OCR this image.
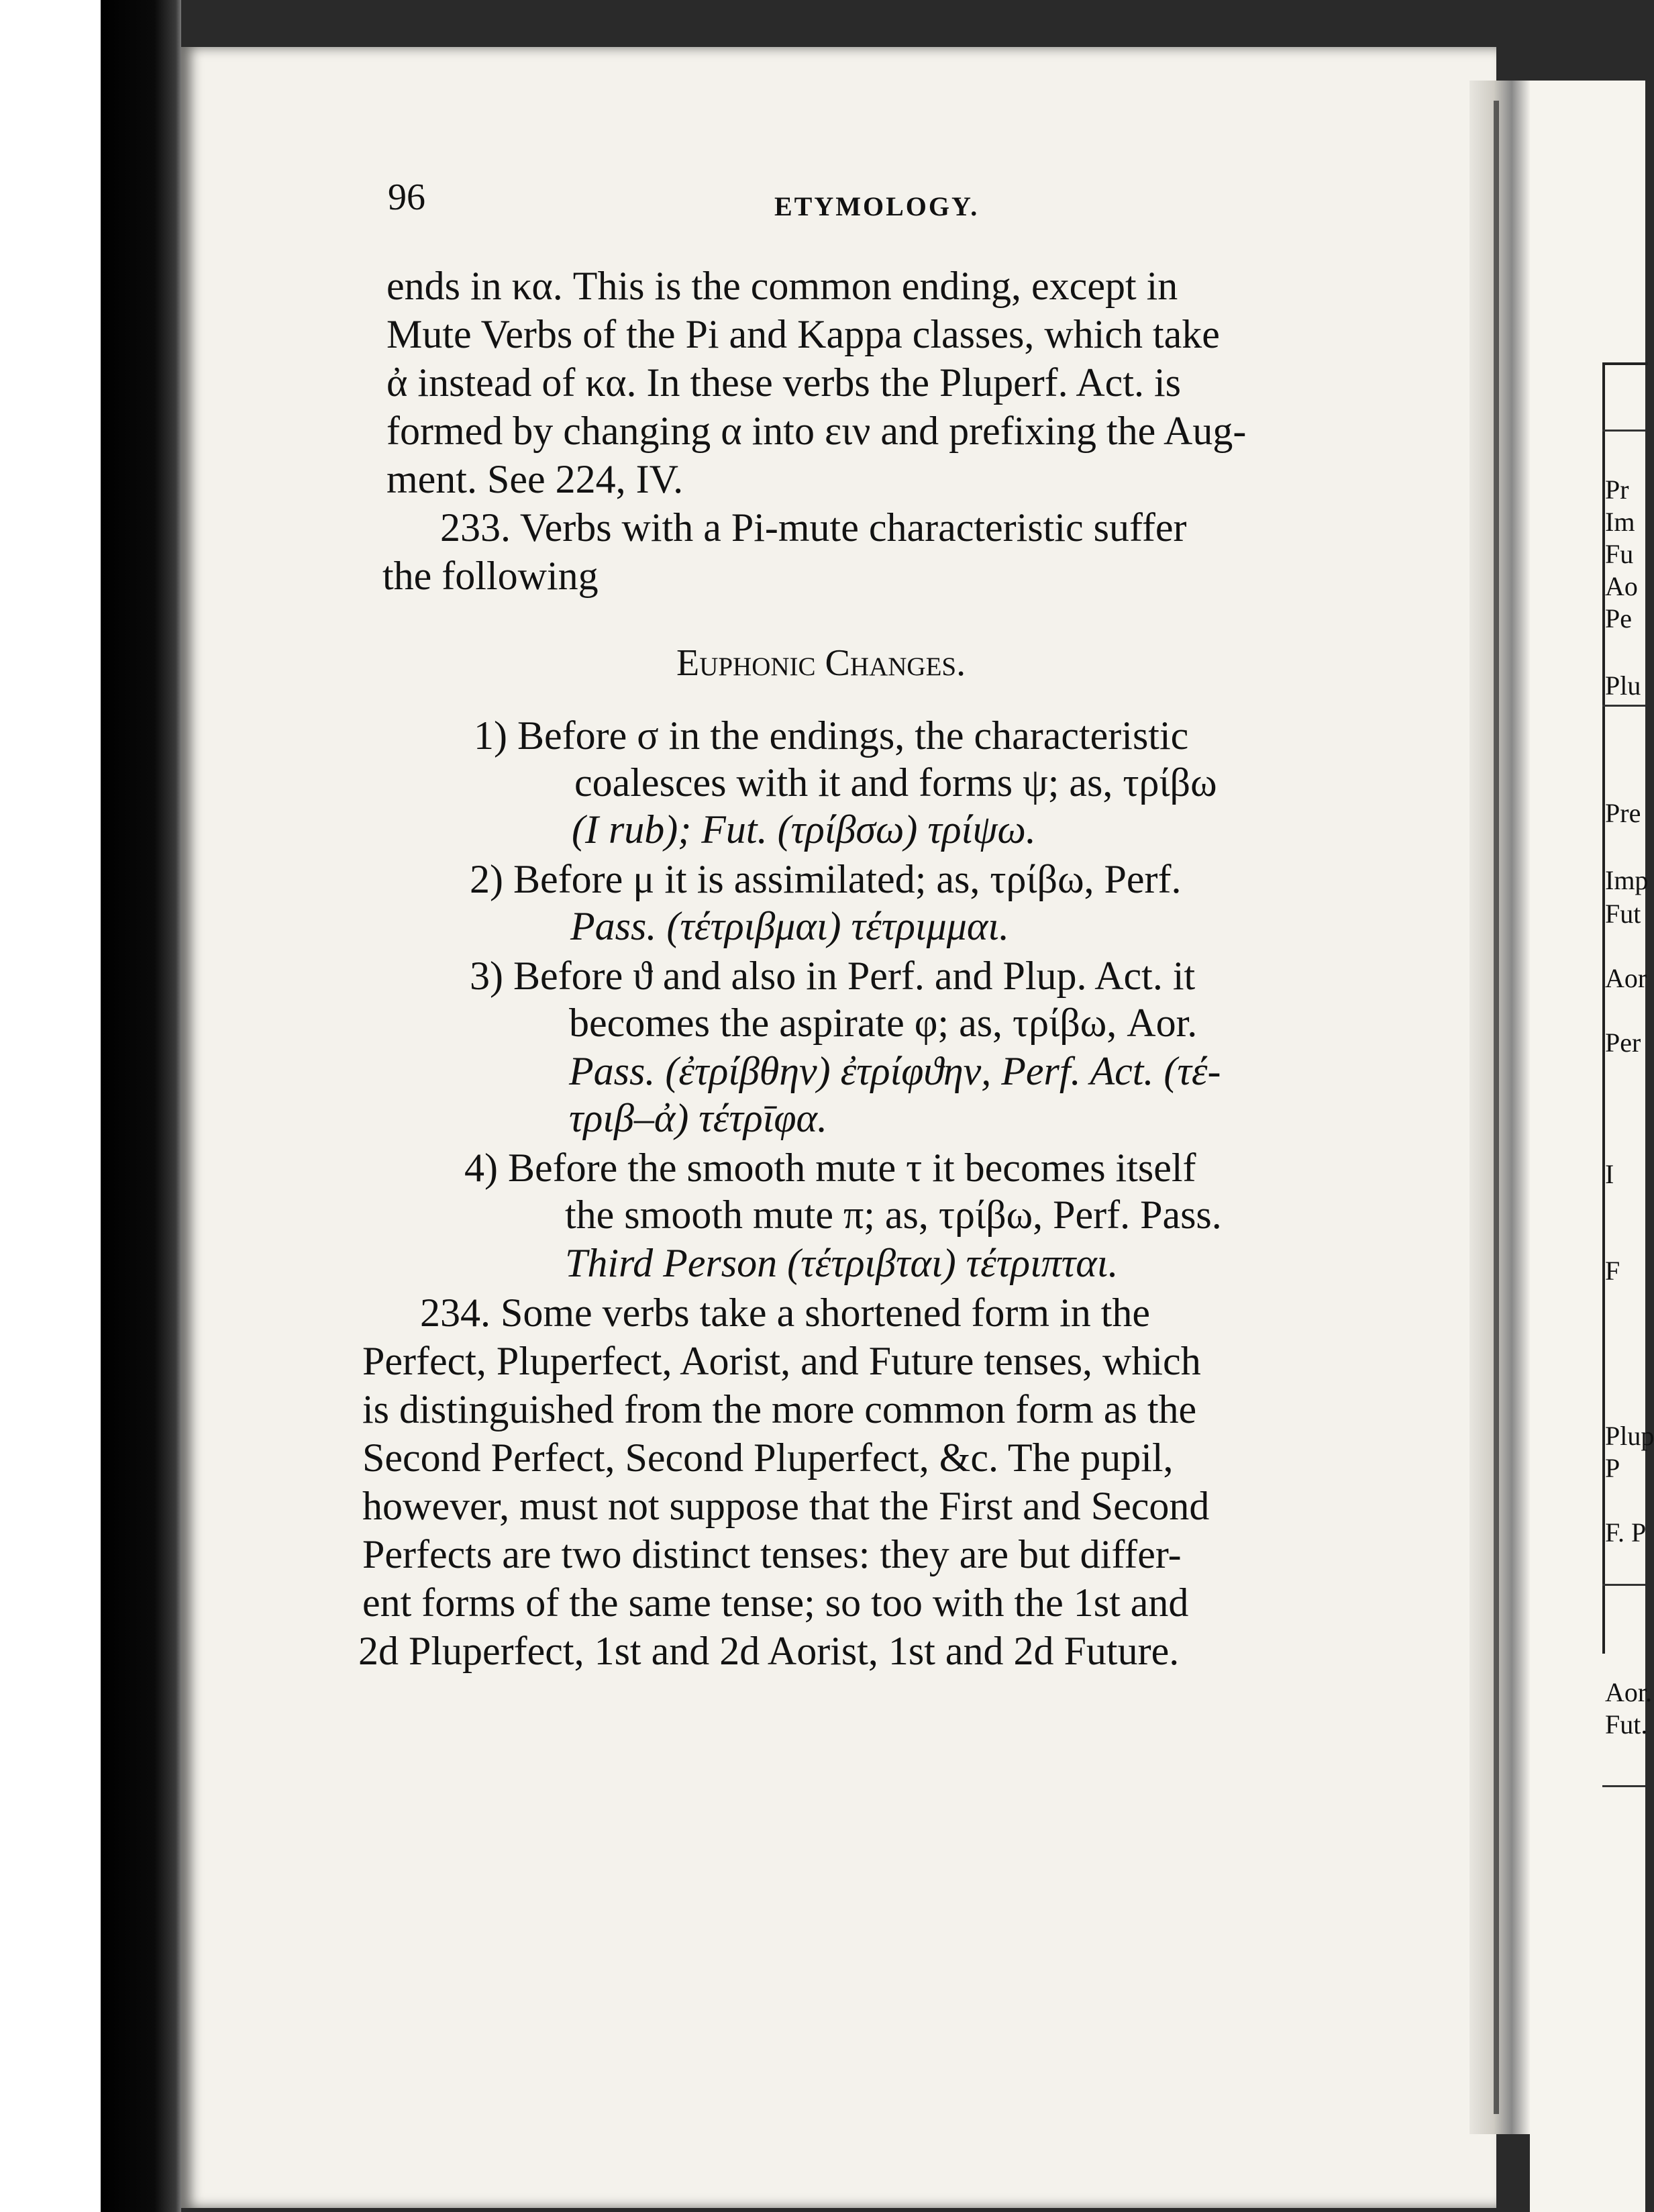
Pr
Im
Fu
Ao
Pe
Plu
Pre
Imp
Fut
Aor
Per
I
F
Plup
P
F. P
Aor.
Fut.
96	ETYMOLOGY.
ends in κα. This is the common ending, except in
Mute Verbs of the Pi and Kappa classes, which take
ἀ instead of κα. In these verbs the Pluperf. Act. is
formed by changing α into ειν and prefixing the Aug-
ment. See 224, IV.
233. Verbs with a Pi-mute characteristic suffer
the following
Euphonic Changes.
1) Before σ in the endings, the characteristic
coalesces with it and forms ψ; as, τρίβω
(I rub); Fut. (τρίβσω) τρίψω.
2) Before μ it is assimilated; as, τρίβω, Perf.
Pass. (τέτριβμαι) τέτριμμαι.
3) Before ϑ and also in Perf. and Plup. Act. it
becomes the aspirate φ; as, τρίβω, Aor.
Pass. (ἐτρίβθην) ἐτρίφϑην, Perf. Act. (τέ-
τριβ–ἀ) τέτρῑφα.
4) Before the smooth mute τ it becomes itself
the smooth mute π; as, τρίβω, Perf. Pass.
Third Person (τέτριβται) τέτριπται.
234. Some verbs take a shortened form in the
Perfect, Pluperfect, Aorist, and Future tenses, which
is distinguished from the more common form as the
Second Perfect, Second Pluperfect, &c. The pupil,
however, must not suppose that the First and Second
Perfects are two distinct tenses: they are but differ-
ent forms of the same tense; so too with the 1st and
2d Pluperfect, 1st and 2d Aorist, 1st and 2d Future.
